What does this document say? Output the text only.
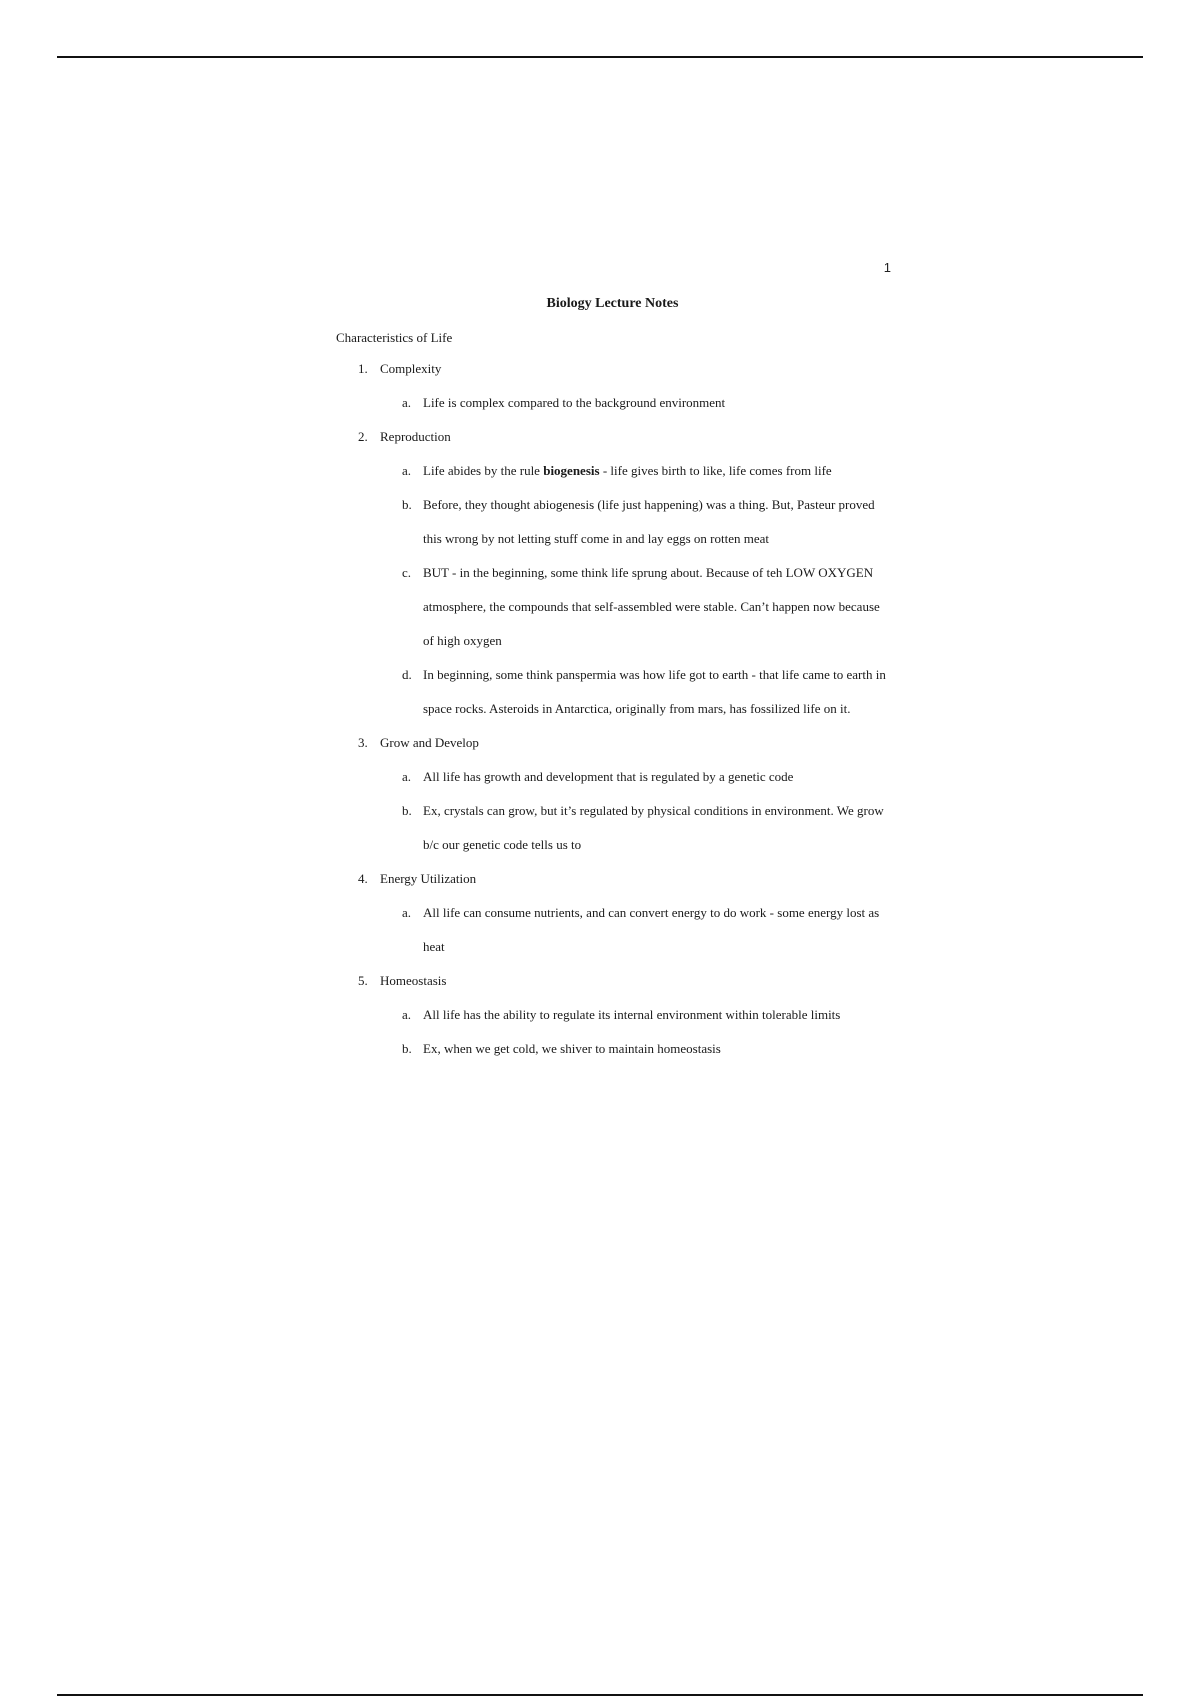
1
Biology Lecture Notes

Characteristics of Life

1. Complexity
a. Life is complex compared to the background environment
2. Reproduction
a. Life abides by the rule biogenesis - life gives birth to like, life comes from life
b. Before, they thought abiogenesis (life just happening) was a thing. But, Pasteur proved this wrong by not letting stuff come in and lay eggs on rotten meat
c. BUT - in the beginning, some think life sprung about. Because of teh LOW OXYGEN atmosphere, the compounds that self-assembled were stable. Can’t happen now because of high oxygen
d. In beginning, some think panspermia was how life got to earth - that life came to earth in space rocks. Asteroids in Antarctica, originally from mars, has fossilized life on it.
3. Grow and Develop
a. All life has growth and development that is regulated by a genetic code
b. Ex, crystals can grow, but it’s regulated by physical conditions in environment. We grow b/c our genetic code tells us to
4. Energy Utilization
a. All life can consume nutrients, and can convert energy to do work - some energy lost as heat
5. Homeostasis
a. All life has the ability to regulate its internal environment within tolerable limits
b. Ex, when we get cold, we shiver to maintain homeostasis
